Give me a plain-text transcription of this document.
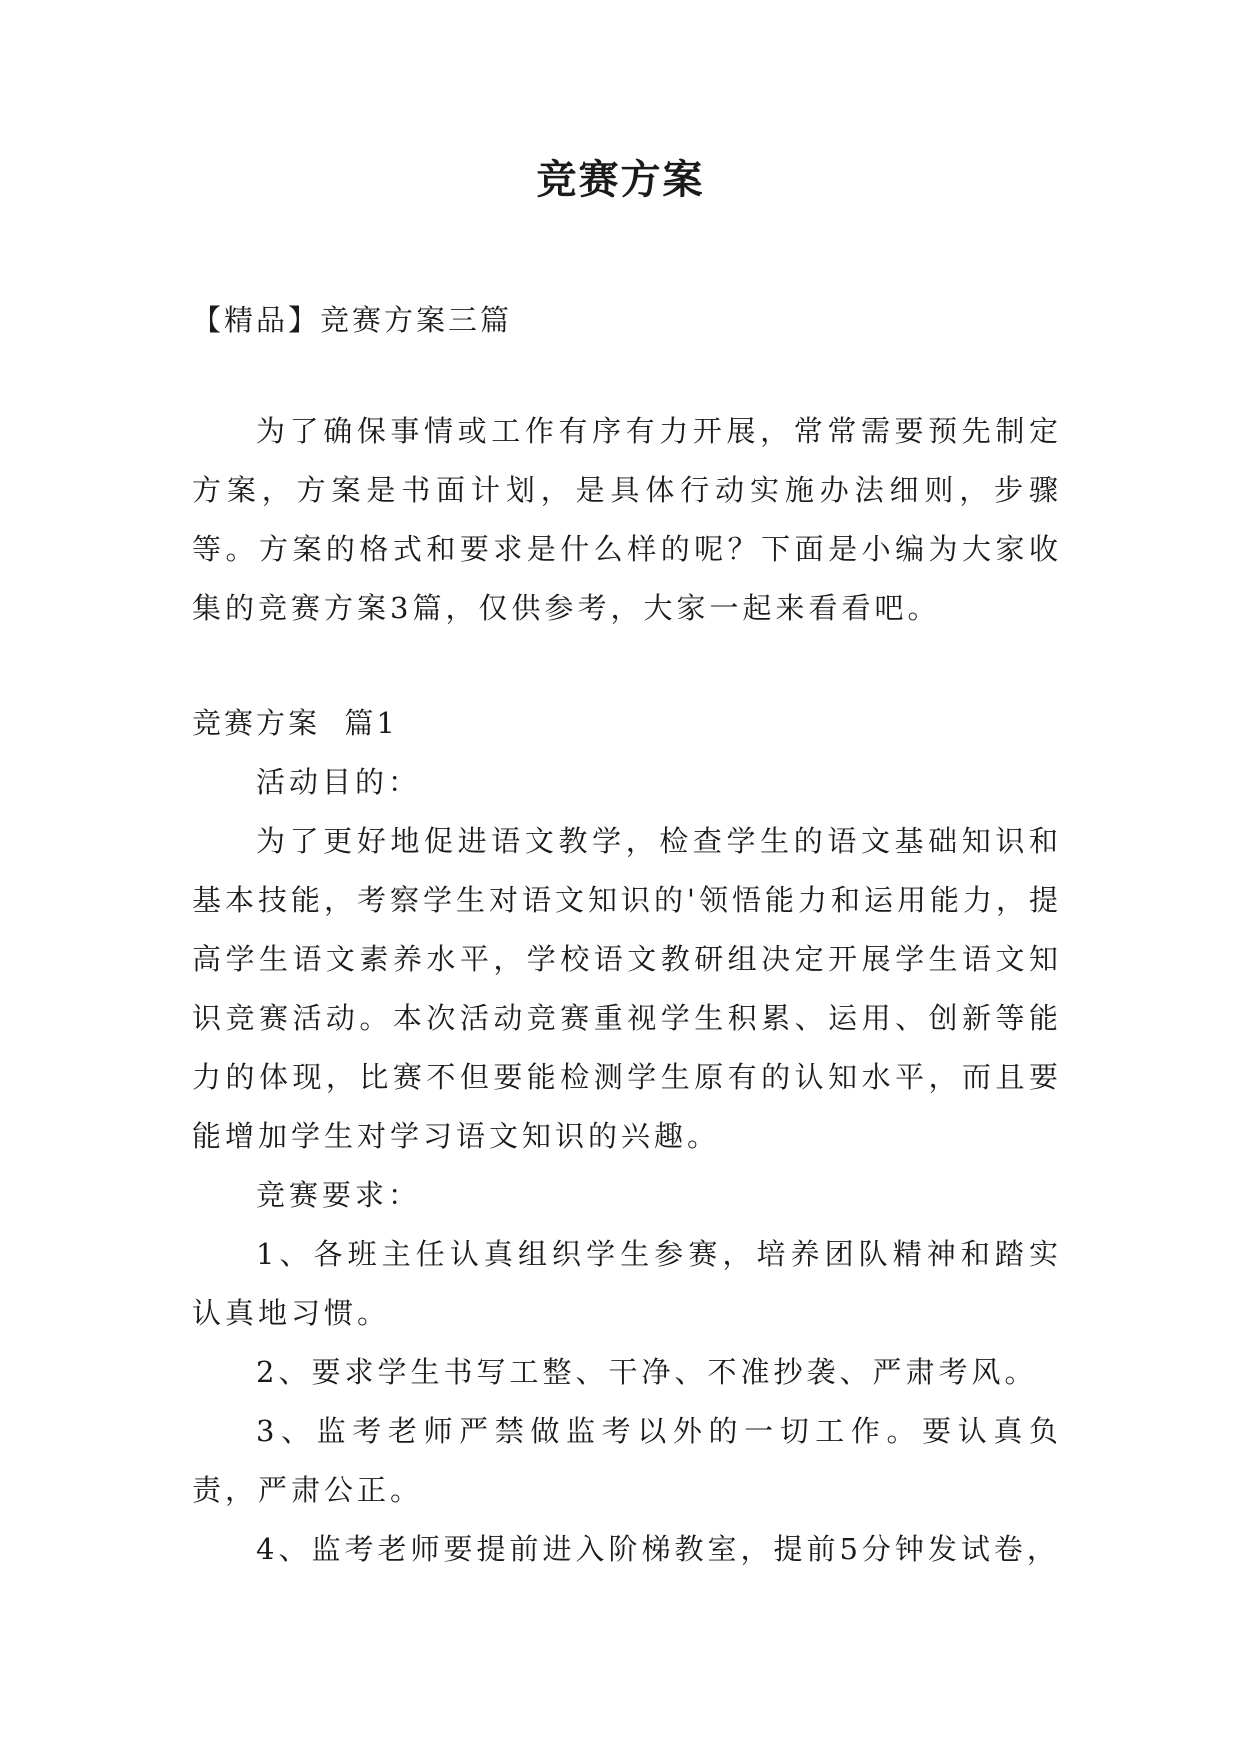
竞赛方案

【精品】竞赛方案三篇

为了确保事情或工作有序有力开展，常常需要预先制定方案，方案是书面计划，是具体行动实施办法细则，步骤等。方案的格式和要求是什么样的呢？下面是小编为大家收集的竞赛方案3篇，仅供参考，大家一起来看看吧。

竞赛方案  篇1

活动目的：

为了更好地促进语文教学，检查学生的语文基础知识和基本技能，考察学生对语文知识的'领悟能力和运用能力，提高学生语文素养水平，学校语文教研组决定开展学生语文知识竞赛活动。本次活动竞赛重视学生积累、运用、创新等能力的体现，比赛不但要能检测学生原有的认知水平，而且要能增加学生对学习语文知识的兴趣。

竞赛要求：

1、各班主任认真组织学生参赛，培养团队精神和踏实认真地习惯。

2、要求学生书写工整、干净、不准抄袭、严肃考风。

3、监考老师严禁做监考以外的一切工作。要认真负责，严肃公正。

4、监考老师要提前进入阶梯教室，提前5分钟发试卷，
